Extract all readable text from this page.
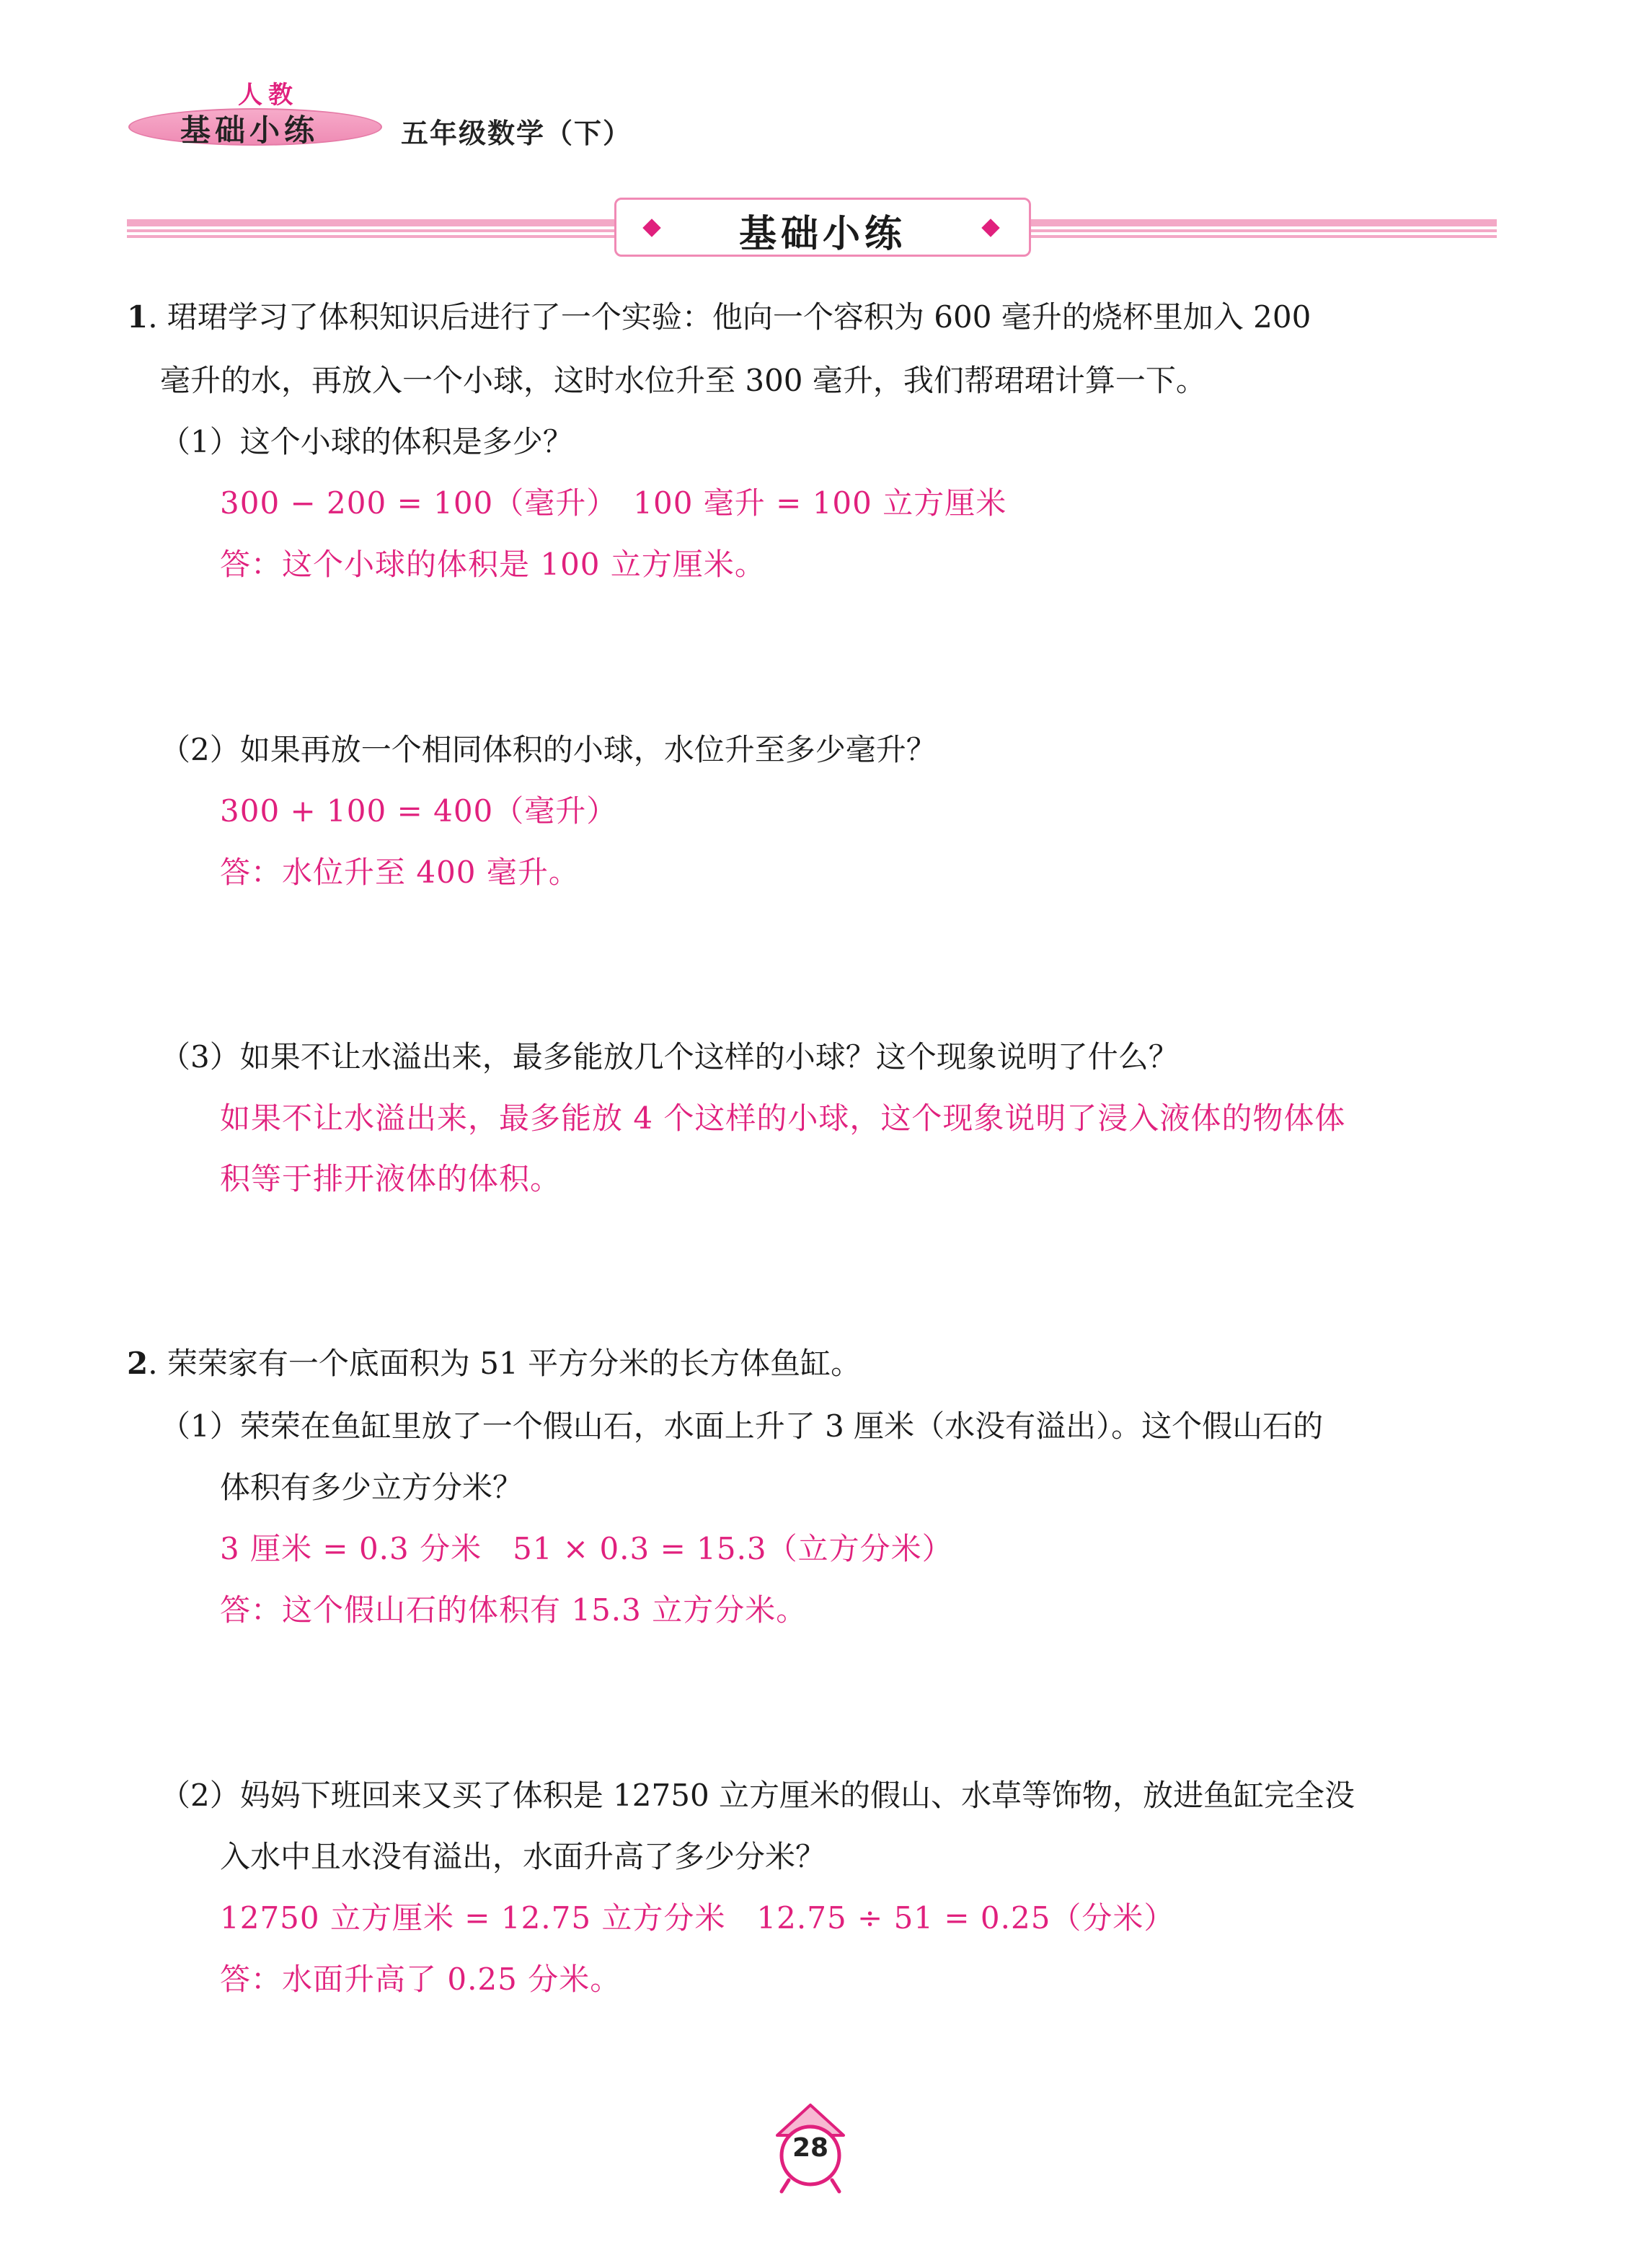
人教
基础小练	五年级数学（下）
基础小练
1. 珺珺学习了体积知识后进行了一个实验：他向一个容积为 600 毫升的烧杯里加入 200
毫升的水，再放入一个小球，这时水位升至 300 毫升，我们帮珺珺计算一下。
（1）这个小球的体积是多少？
300 − 200 = 100（毫升）　100 毫升 = 100 立方厘米
答：这个小球的体积是 100 立方厘米。
（2）如果再放一个相同体积的小球，水位升至多少毫升？
300 + 100 = 400（毫升）
答：水位升至 400 毫升。
（3）如果不让水溢出来，最多能放几个这样的小球？这个现象说明了什么？
如果不让水溢出来，最多能放 4 个这样的小球，这个现象说明了浸入液体的物体体
积等于排开液体的体积。
2. 荣荣家有一个底面积为 51 平方分米的长方体鱼缸。
（1）荣荣在鱼缸里放了一个假山石，水面上升了 3 厘米（水没有溢出）。这个假山石的
体积有多少立方分米？
3 厘米 = 0.3 分米　51 × 0.3 = 15.3（立方分米）
答：这个假山石的体积有 15.3 立方分米。
（2）妈妈下班回来又买了体积是 12750 立方厘米的假山、水草等饰物，放进鱼缸完全没
入水中且水没有溢出，水面升高了多少分米？
12750 立方厘米 = 12.75 立方分米　12.75 ÷ 51 = 0.25（分米）
答：水面升高了 0.25 分米。
28
